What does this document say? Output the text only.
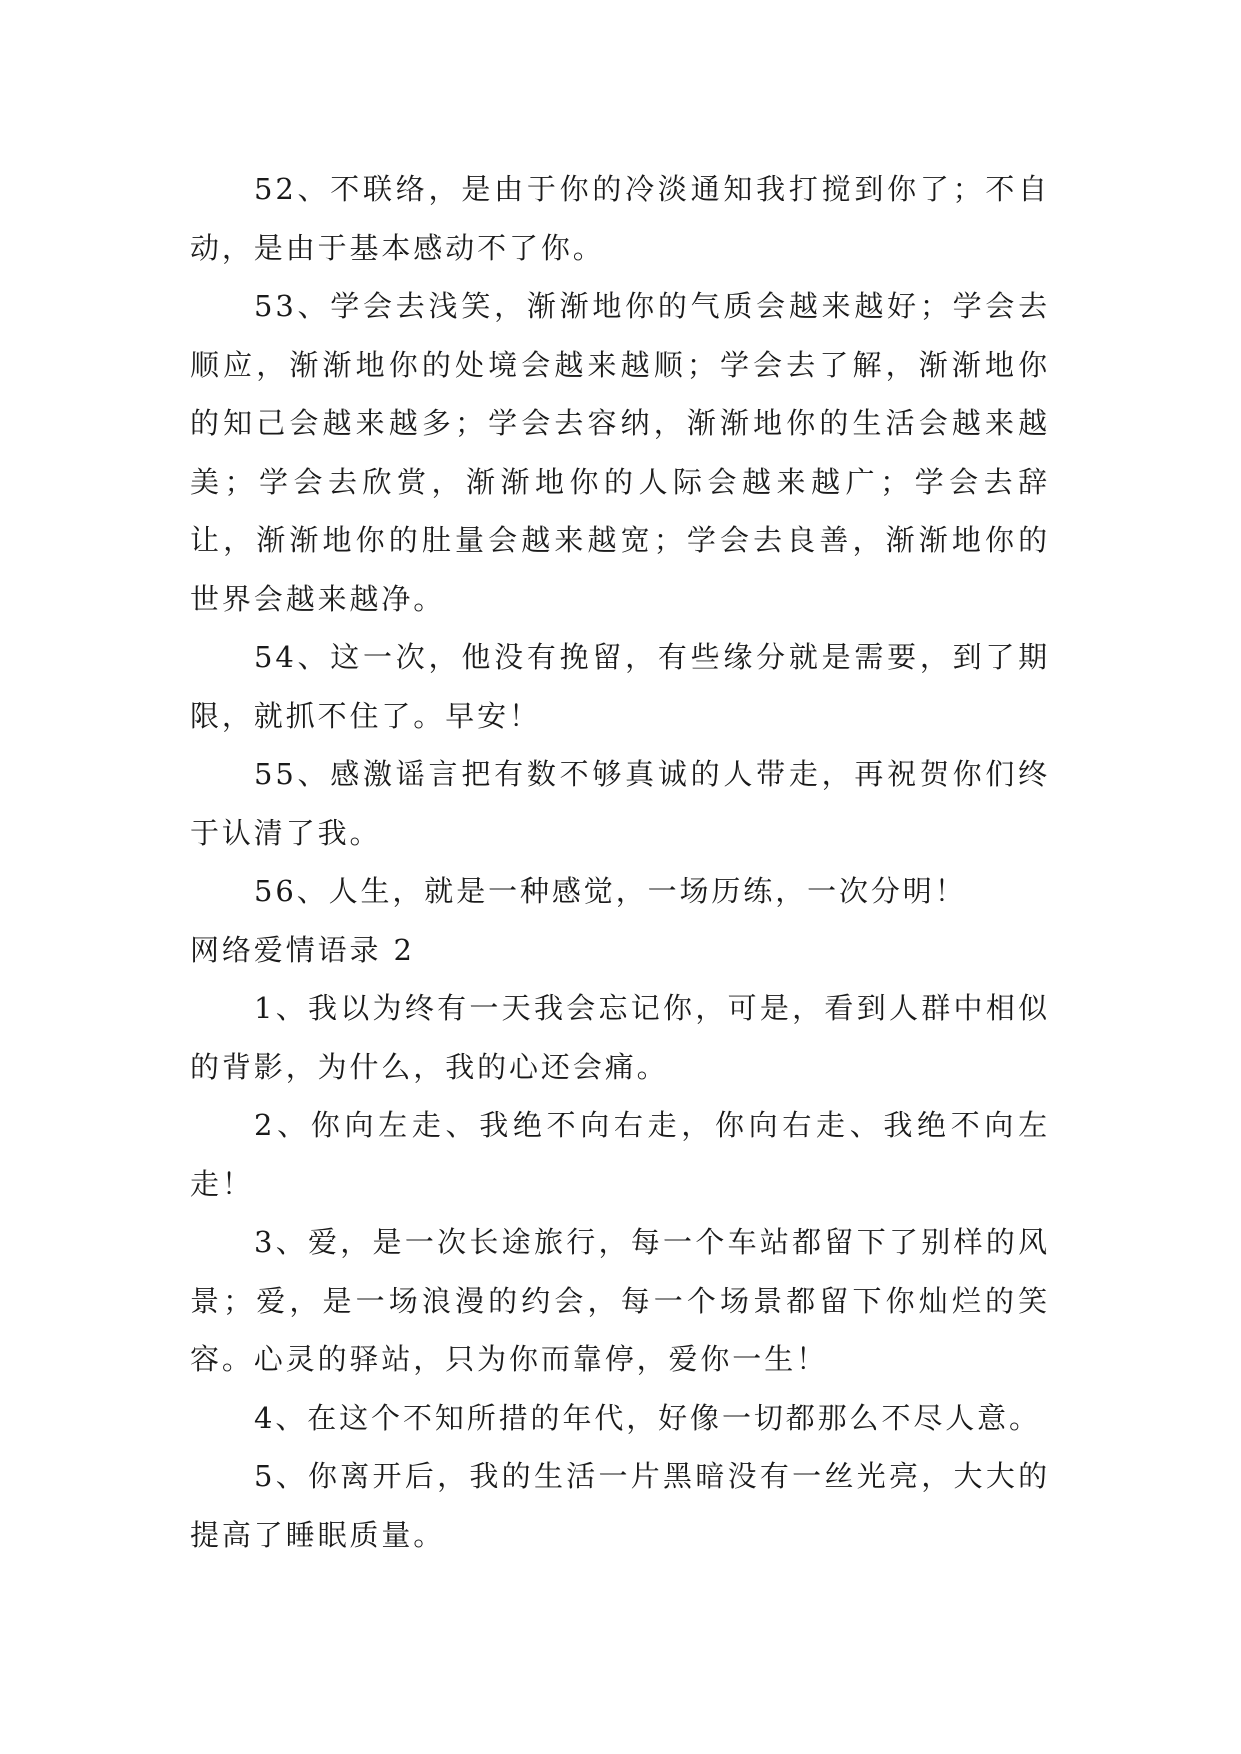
52、不联络，是由于你的冷淡通知我打搅到你了；不自动，是由于基本感动不了你。

53、学会去浅笑，渐渐地你的气质会越来越好；学会去顺应，渐渐地你的处境会越来越顺；学会去了解，渐渐地你的知己会越来越多；学会去容纳，渐渐地你的生活会越来越美；学会去欣赏，渐渐地你的人际会越来越广；学会去辞让，渐渐地你的肚量会越来越宽；学会去良善，渐渐地你的世界会越来越净。

54、这一次，他没有挽留，有些缘分就是需要，到了期限，就抓不住了。早安！

55、感激谣言把有数不够真诚的人带走，再祝贺你们终于认清了我。

56、人生，就是一种感觉，一场历练，一次分明！

网络爱情语录 2

1、我以为终有一天我会忘记你，可是，看到人群中相似的背影，为什么，我的心还会痛。

2、你向左走、我绝不向右走，你向右走、我绝不向左走！

3、爱，是一次长途旅行，每一个车站都留下了别样的风景；爱，是一场浪漫的约会，每一个场景都留下你灿烂的笑容。心灵的驿站，只为你而靠停，爱你一生！

4、在这个不知所措的年代，好像一切都那么不尽人意。

5、你离开后，我的生活一片黑暗没有一丝光亮，大大的提高了睡眠质量。
